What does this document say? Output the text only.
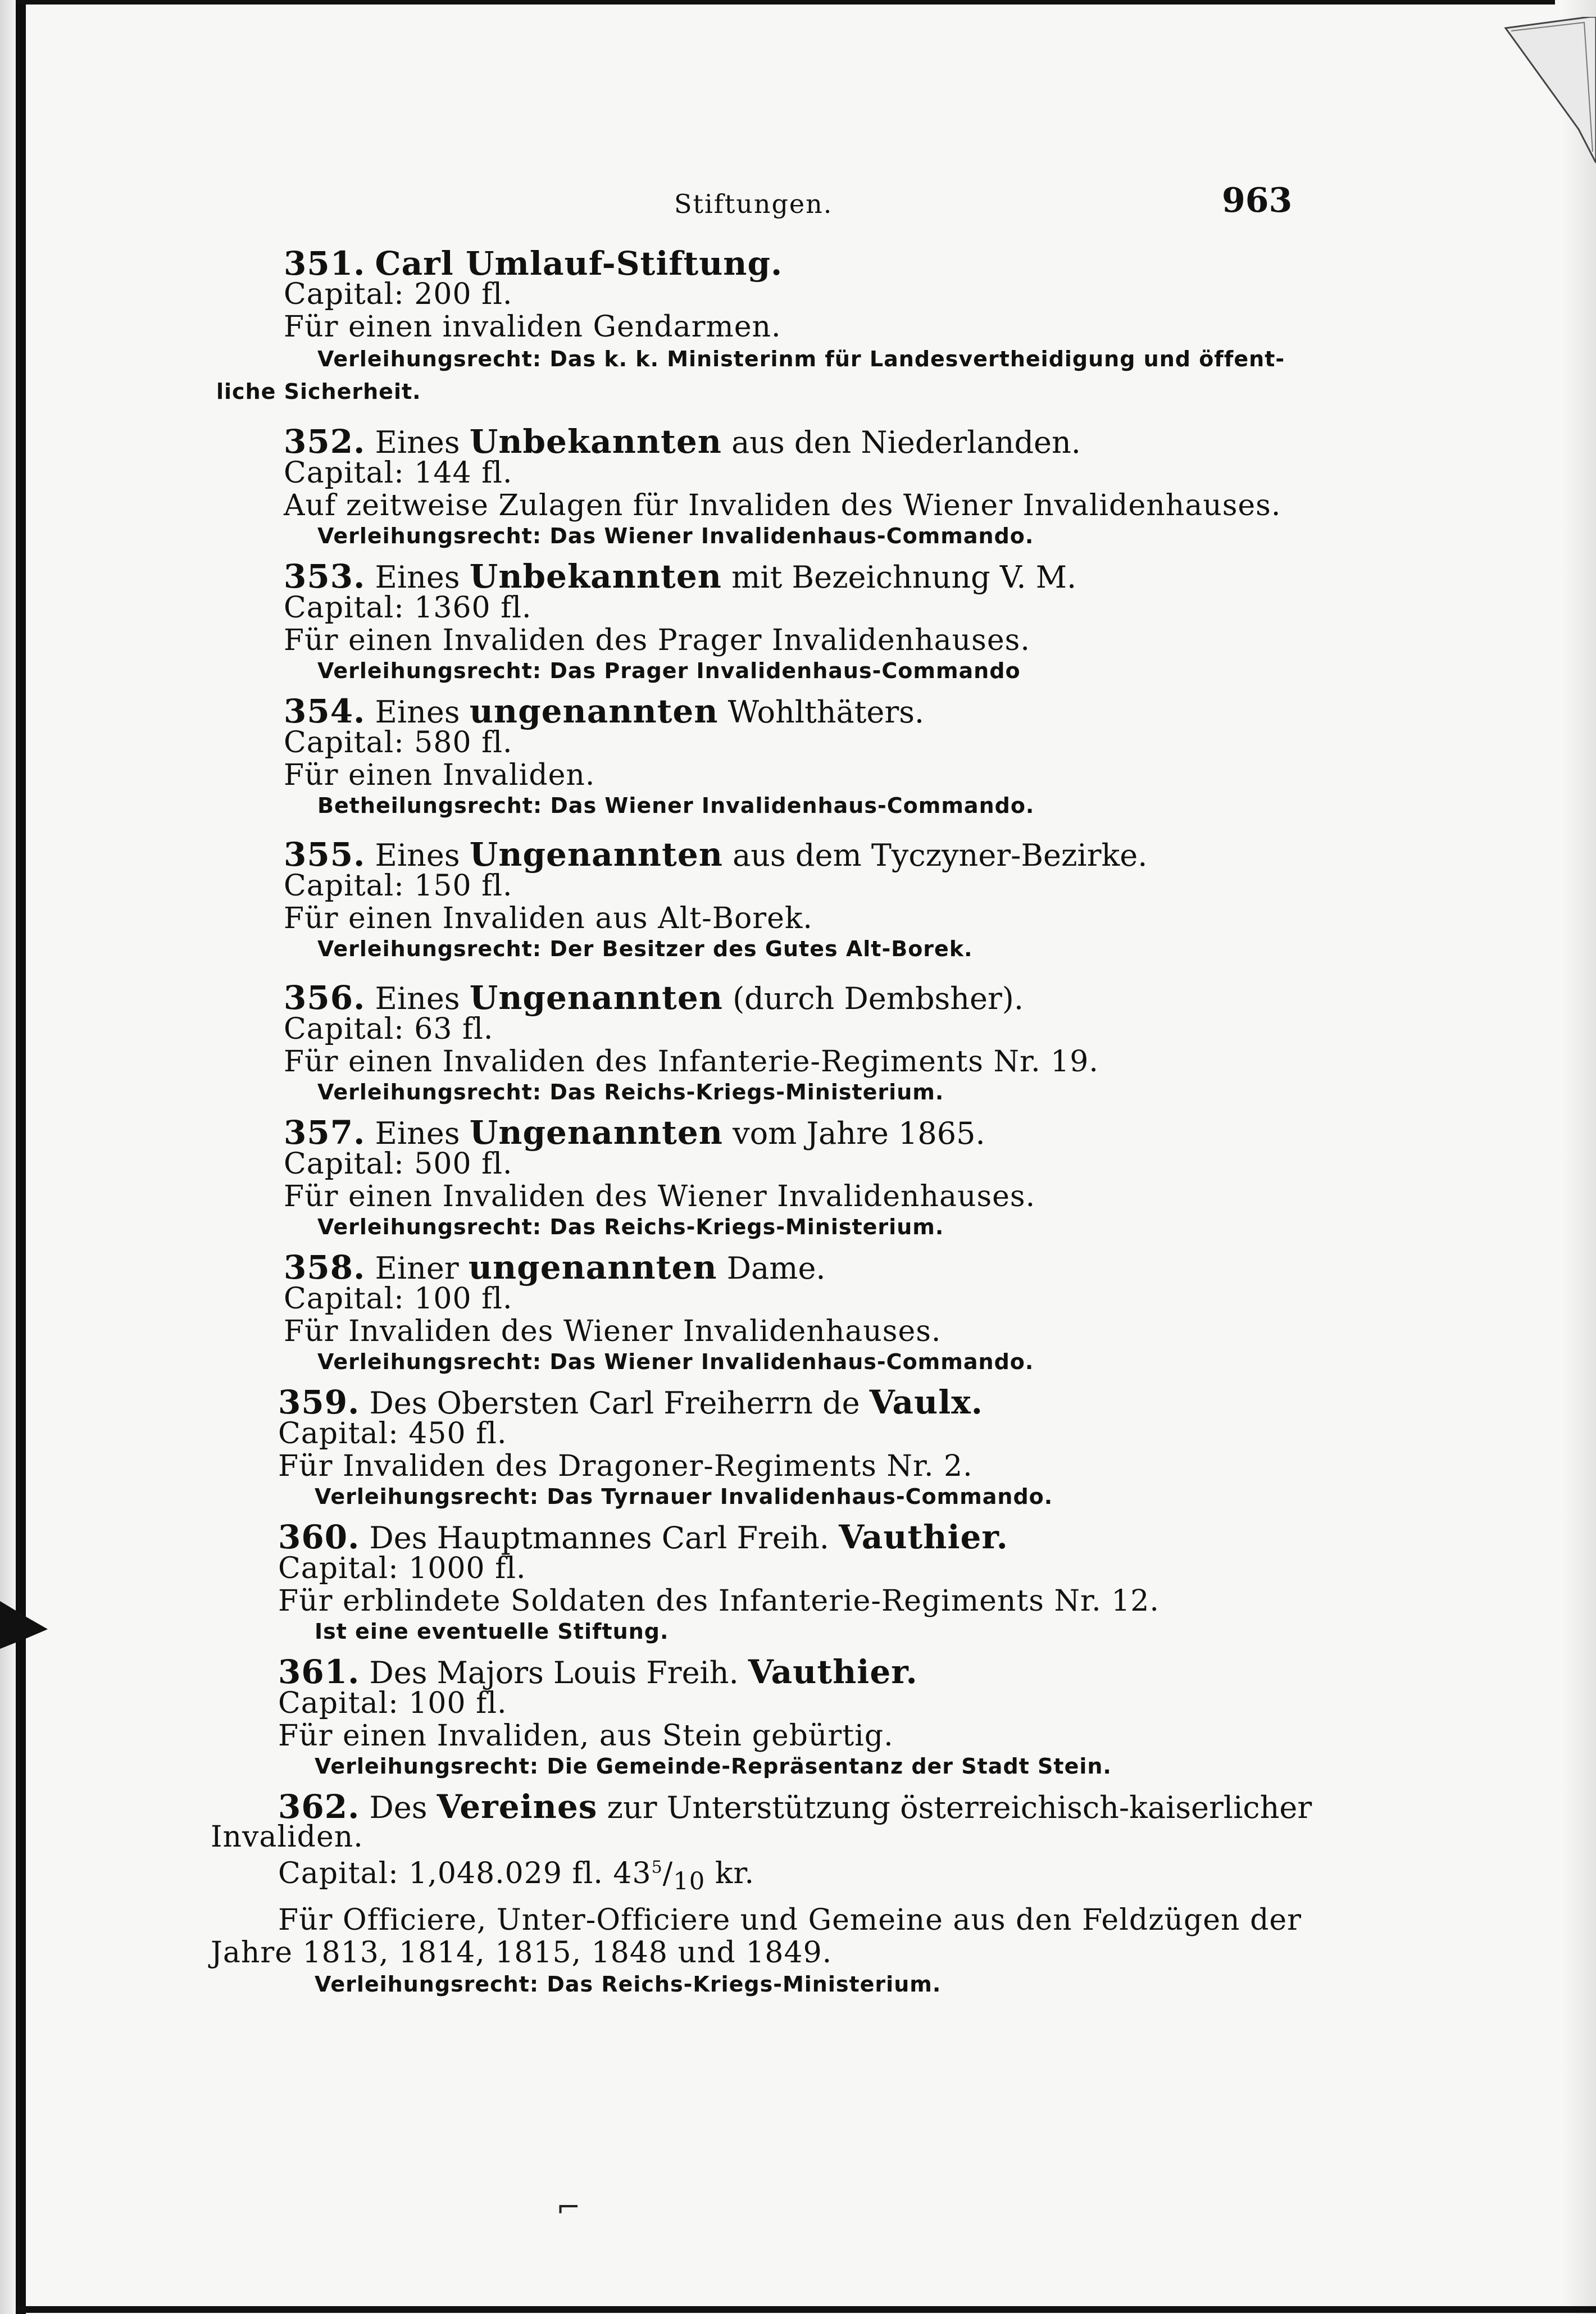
⌐
Stiftungen.	963
351. Carl Umlauf-Stiftung.
Capital: 200 fl.
Für einen invaliden Gendarmen.
Verleihungsrecht: Das k. k. Ministerinm für Landesvertheidigung und öffent-
liche Sicherheit.
352. Eines Unbekannten aus den Niederlanden.
Capital: 144 fl.
Auf zeitweise Zulagen für Invaliden des Wiener Invalidenhauses.
Verleihungsrecht: Das Wiener Invalidenhaus-Commando.
353. Eines Unbekannten mit Bezeichnung V. M.
Capital: 1360 fl.
Für einen Invaliden des Prager Invalidenhauses.
Verleihungsrecht: Das Prager Invalidenhaus-Commando
354. Eines ungenannten Wohlthäters.
Capital: 580 fl.
Für einen Invaliden.
Betheilungsrecht: Das Wiener Invalidenhaus-Commando.
355. Eines Ungenannten aus dem Tyczyner-Bezirke.
Capital: 150 fl.
Für einen Invaliden aus Alt-Borek.
Verleihungsrecht: Der Besitzer des Gutes Alt-Borek.
356. Eines Ungenannten (durch Dembsher).
Capital: 63 fl.
Für einen Invaliden des Infanterie-Regiments Nr. 19.
Verleihungsrecht: Das Reichs-Kriegs-Ministerium.
357. Eines Ungenannten vom Jahre 1865.
Capital: 500 fl.
Für einen Invaliden des Wiener Invalidenhauses.
Verleihungsrecht: Das Reichs-Kriegs-Ministerium.
358. Einer ungenannten Dame.
Capital: 100 fl.
Für Invaliden des Wiener Invalidenhauses.
Verleihungsrecht: Das Wiener Invalidenhaus-Commando.
359. Des Obersten Carl Freiherrn de Vaulx.
Capital: 450 fl.
Für Invaliden des Dragoner-Regiments Nr. 2.
Verleihungsrecht: Das Tyrnauer Invalidenhaus-Commando.
360. Des Hauptmannes Carl Freih. Vauthier.
Capital: 1000 fl.
Für erblindete Soldaten des Infanterie-Regiments Nr. 12.
Ist eine eventuelle Stiftung.
361. Des Majors Louis Freih. Vauthier.
Capital: 100 fl.
Für einen Invaliden, aus Stein gebürtig.
Verleihungsrecht: Die Gemeinde-Repräsentanz der Stadt Stein.
362. Des Vereines zur Unterstützung österreichisch-kaiserlicher
Invaliden.
Capital: 1,048.029 fl. $43^5/_{10}$ kr.
Für Officiere, Unter-Officiere und Gemeine aus den Feldzügen der
Jahre 1813, 1814, 1815, 1848 und 1849.
Verleihungsrecht: Das Reichs-Kriegs-Ministerium.
